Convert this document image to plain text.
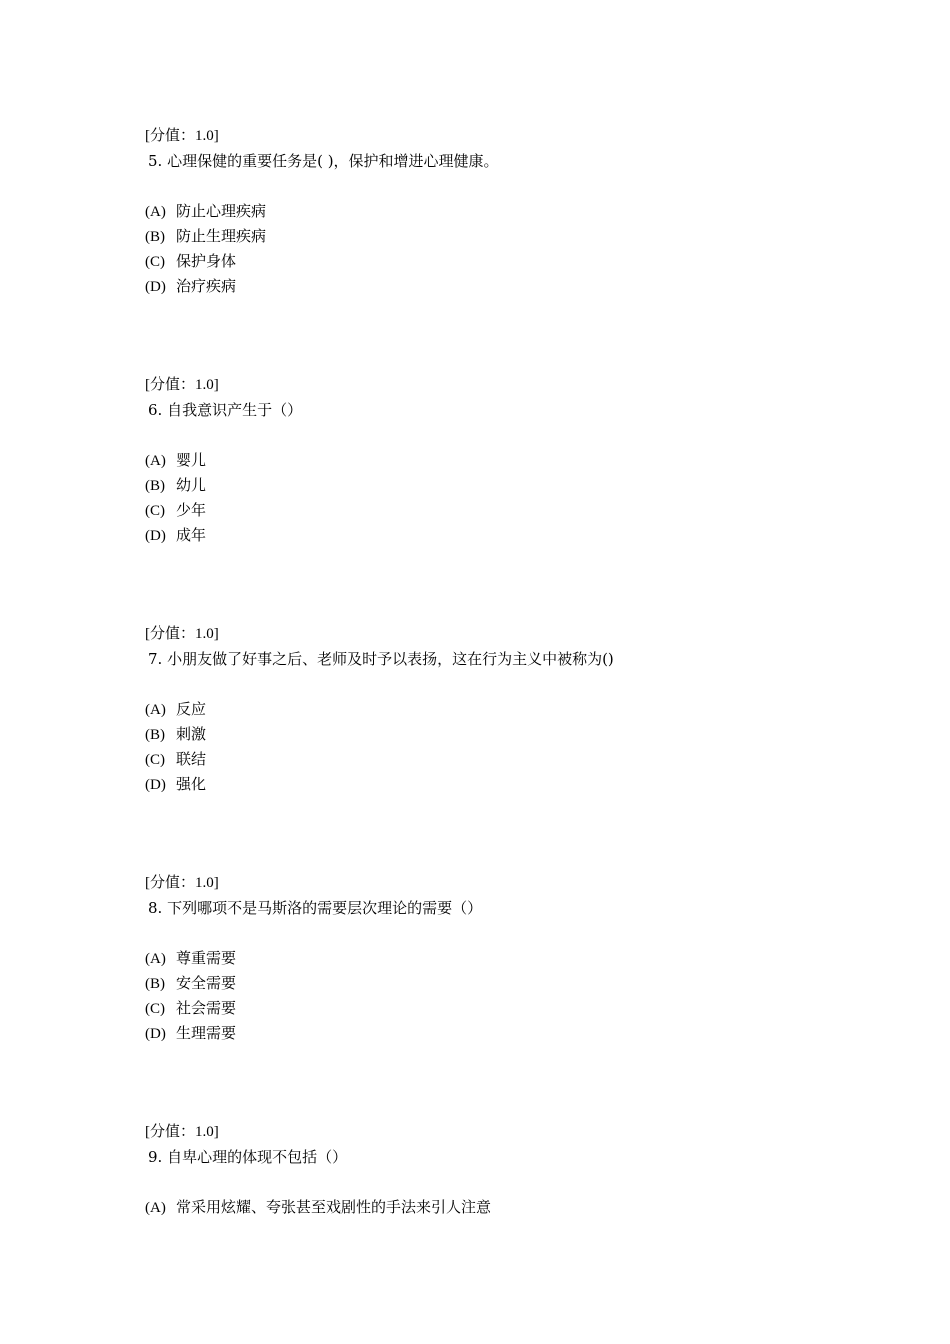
[分值：1.0]
5. 心理保健的重要任务是( )，保护和增进心理健康。
(A) 防止心理疾病
(B) 防止生理疾病
(C) 保护身体
(D) 治疗疾病
[分值：1.0]
6. 自我意识产生于（）
(A) 婴儿
(B) 幼儿
(C) 少年
(D) 成年
[分值：1.0]
7. 小朋友做了好事之后、老师及时予以表扬，这在行为主义中被称为()
(A) 反应
(B) 刺激
(C) 联结
(D) 强化
[分值：1.0]
8. 下列哪项不是马斯洛的需要层次理论的需要（）
(A) 尊重需要
(B) 安全需要
(C) 社会需要
(D) 生理需要
[分值：1.0]
9. 自卑心理的体现不包括（）
(A) 常采用炫耀、夸张甚至戏剧性的手法来引人注意
